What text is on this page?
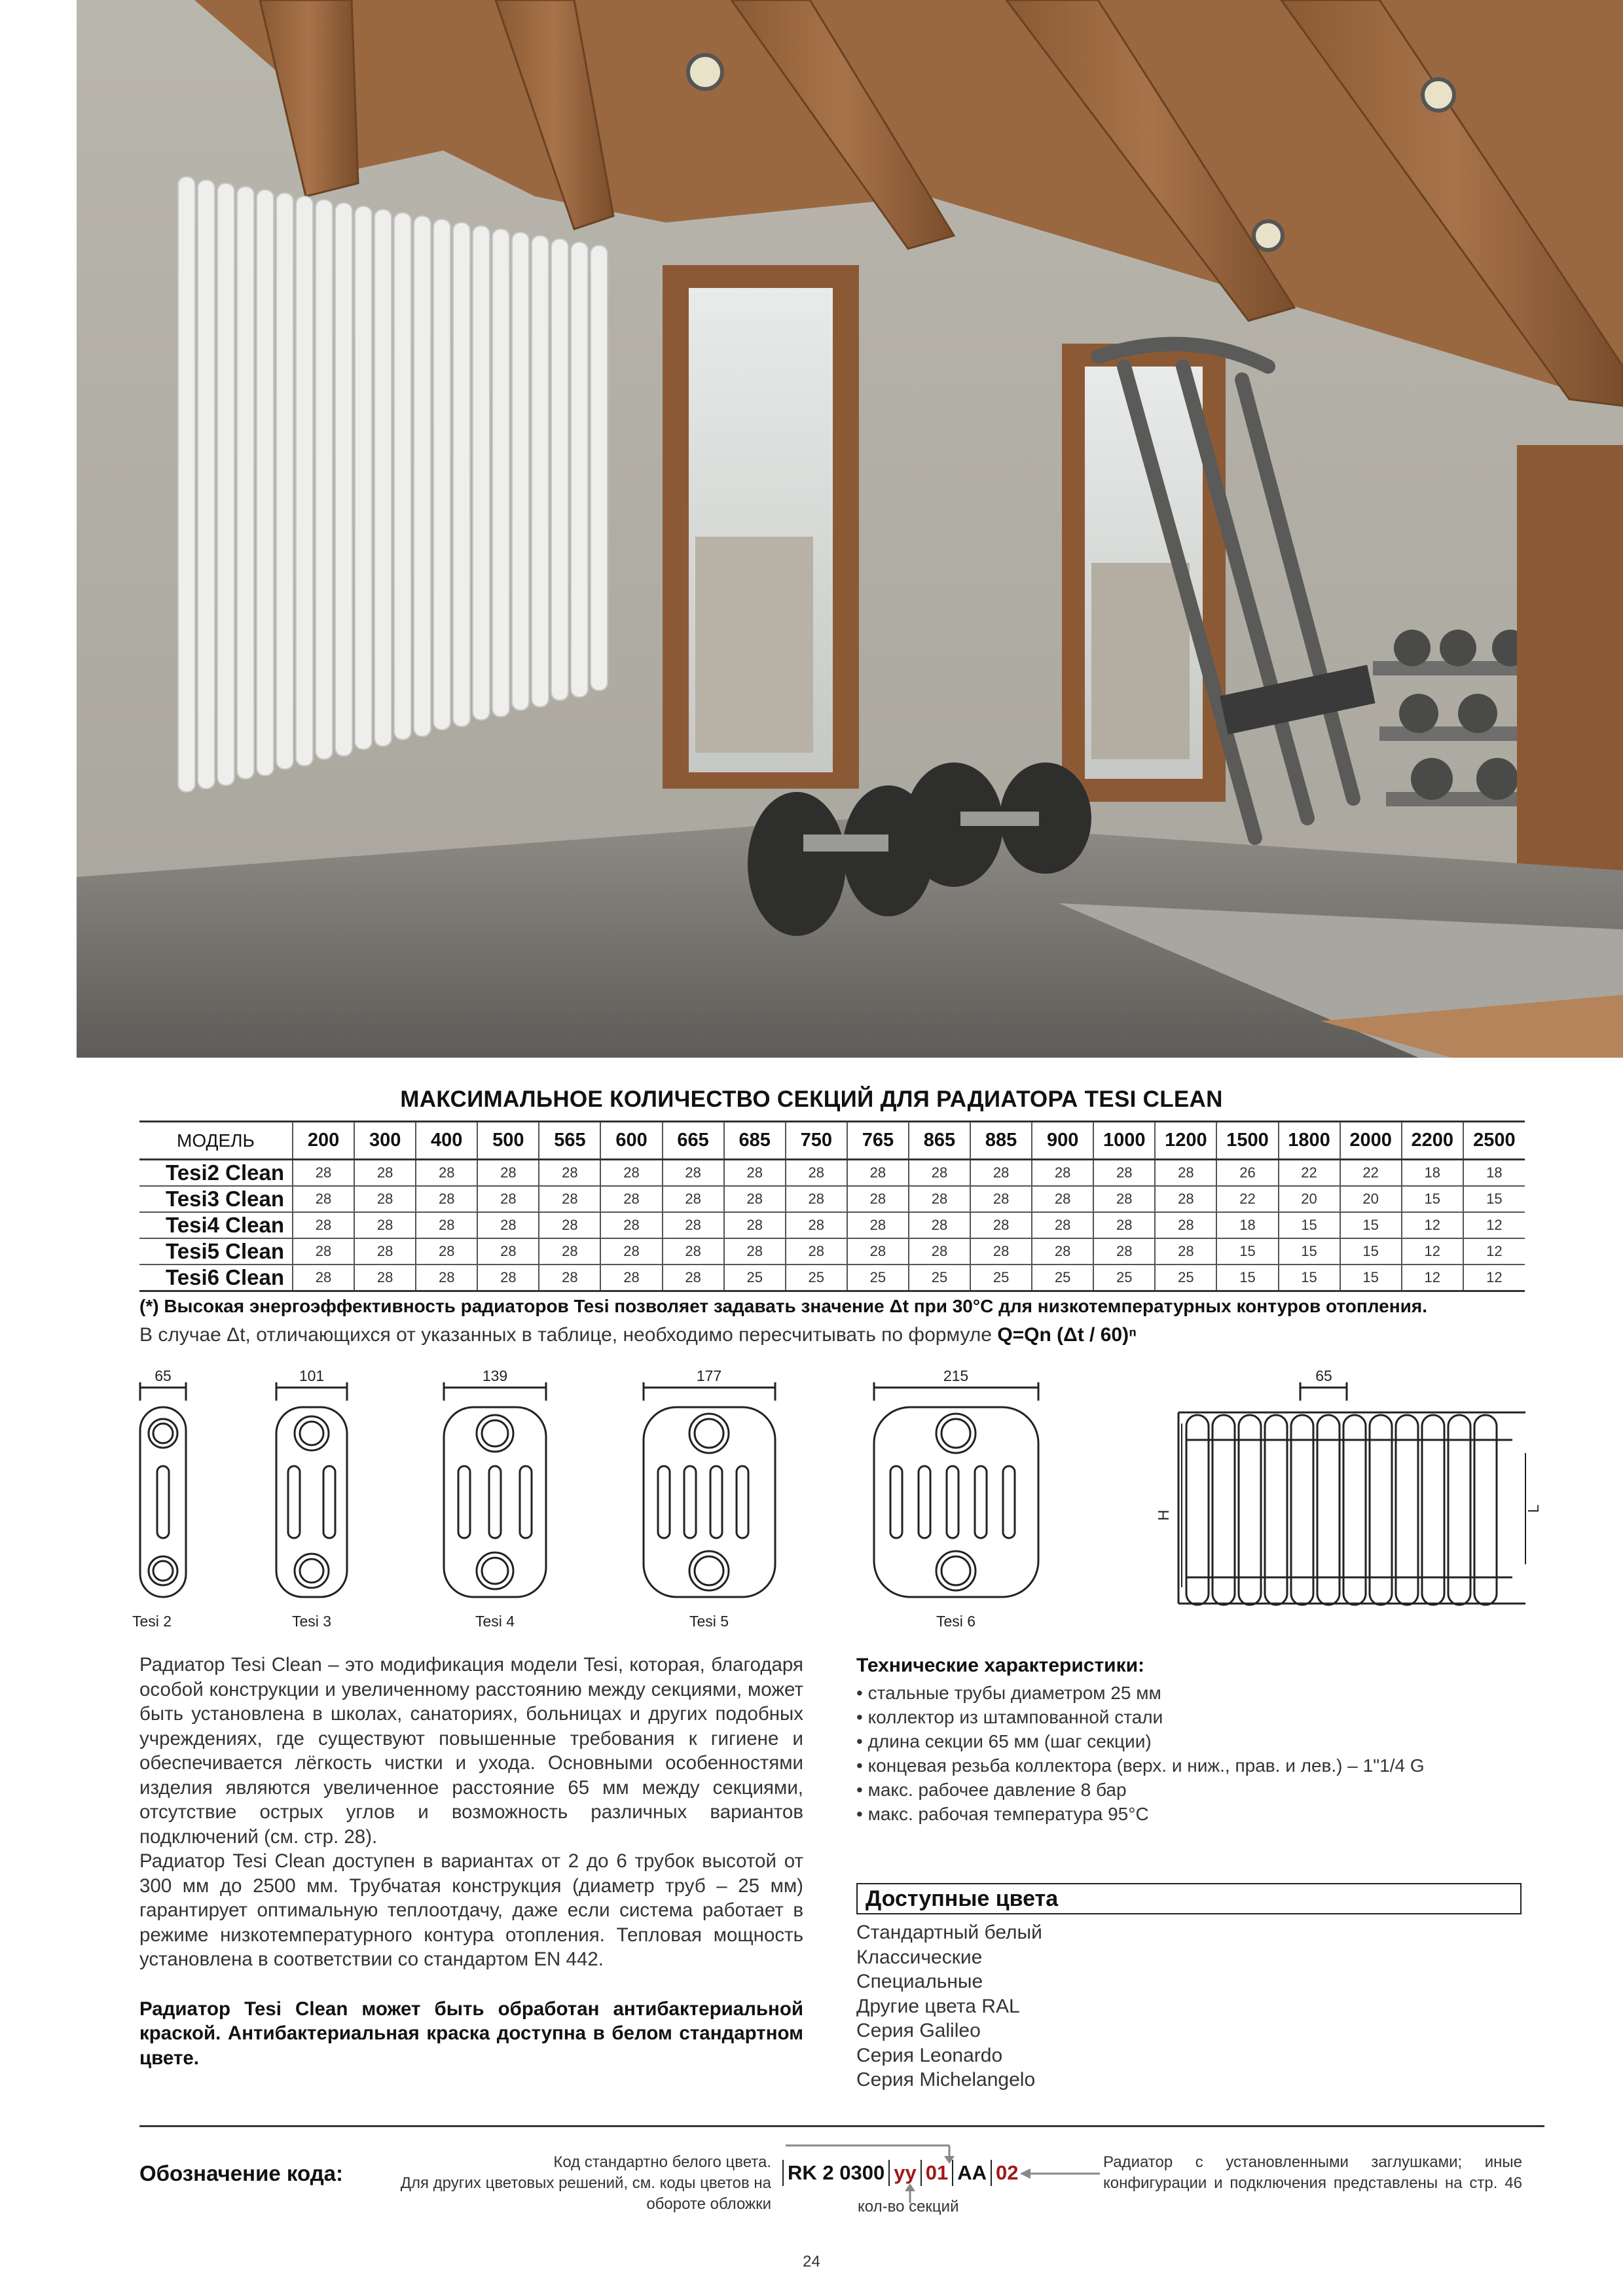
МАКСИМАЛЬНОЕ КОЛИЧЕСТВО СЕКЦИЙ ДЛЯ РАДИАТОРА TESI CLEAN
МОДЕЛЬ	200	300	400	500	565	600	665	685	750	765	865	885	900	1000	1200	1500	1800	2000	2200	2500
Tesi2 Clean	28	28	28	28	28	28	28	28	28	28	28	28	28	28	28	26	22	22	18	18
Tesi3 Clean	28	28	28	28	28	28	28	28	28	28	28	28	28	28	28	22	20	20	15	15
Tesi4 Clean	28	28	28	28	28	28	28	28	28	28	28	28	28	28	28	18	15	15	12	12
Tesi5 Clean	28	28	28	28	28	28	28	28	28	28	28	28	28	28	28	15	15	15	12	12
Tesi6 Clean	28	28	28	28	28	28	28	25	25	25	25	25	25	25	25	15	15	15	12	12
(*) Высокая энергоэффективность радиаторов Tesi позволяет задавать значение Δt при 30°C для низкотемпературных контуров отопления.
В случае Δt, отличающихся от указанных в таблице, необходимо пересчитывать по формуле Q=Qn (Δt / 60)ⁿ
65
Tesi 2
101
Tesi 3
139
Tesi 4
177
Tesi 5
215
Tesi 6
65
H
L

Радиатор Tesi Clean – это модификация модели Tesi, которая, благодаря особой конструкции и увеличенному расстоянию между секциями, может быть установлена в школах, санаториях, больницах и других подобных учреждениях, где существуют повышенные требования к гигиене и обеспечивается лёгкость чистки и ухода. Основными особенностями изделия являются увеличенное расстояние 65 мм между секциями, отсутствие острых углов и возможность различных вариантов подключений (см. стр. 28).

Радиатор Tesi Clean доступен в вариантах от 2 до 6 трубок высотой от 300 мм до 2500 мм. Трубчатая конструкция (диаметр труб – 25 мм) гарантирует оптимальную теплоотдачу, даже если система работает в режиме низкотемпературного контура отопления. Тепловая мощность установлена в соответствии со стандартом EN 442.

Радиатор Tesi Clean может быть обработан антибактериальной краской. Антибактериальная краска доступна в белом стандартном цвете.

Технические характеристики:
• стальные трубы диаметром 25 мм
• коллектор из штампованной стали
• длина секции 65 мм (шаг секции)
• концевая резьба коллектора (верх. и ниж., прав. и лев.) – 1"1/4 G
• макс. рабочее давление 8 бар
• макс. рабочая температура 95°C
Доступные цвета
Стандартный белый
Классические
Специальные
Другие цвета RAL
Серия Galileo
Серия Leonardo
Серия Michelangelo
Обозначение кода:	Код стандартно белого цвета.
Для других цветовых решений, см. коды цветов на
обороте обложки
RK 2 0300 yy 01 AA 02
кол-во секций
Радиатор с установленными заглушками; иные
конфигурации и подключения представлены на стр. 46
24
